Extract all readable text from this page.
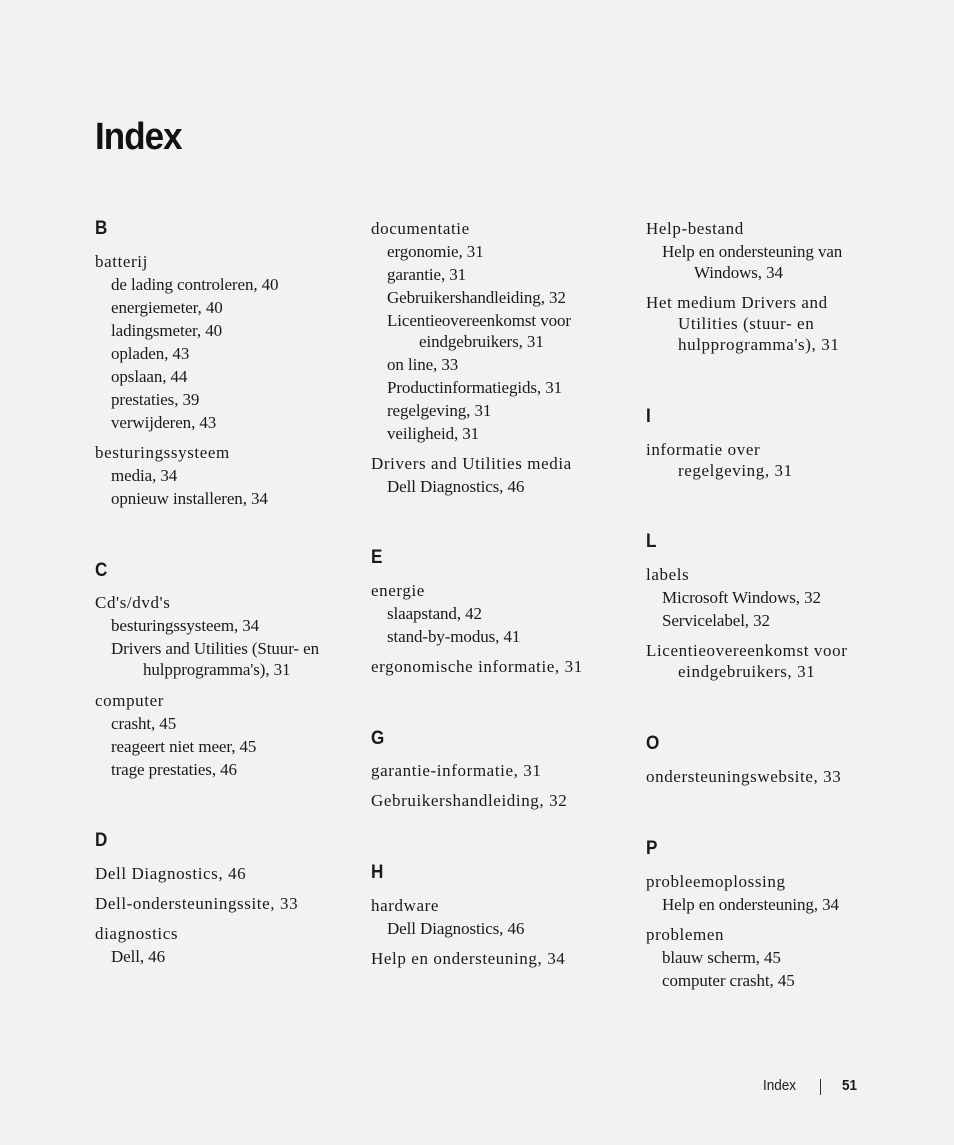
Index
B
batterij
de lading controleren, 40
energiemeter, 40
ladingsmeter, 40
opladen, 43
opslaan, 44
prestaties, 39
verwijderen, 43
besturingssysteem
media, 34
opnieuw installeren, 34
C
Cd's/dvd's
besturingssysteem, 34
Drivers and Utilities (Stuur- en
hulpprogramma's), 31
computer
crasht, 45
reageert niet meer, 45
trage prestaties, 46
D
Dell Diagnostics, 46
Dell-ondersteuningssite, 33
diagnostics
Dell, 46
documentatie
ergonomie, 31
garantie, 31
Gebruikershandleiding, 32
Licentieovereenkomst voor
eindgebruikers, 31
on line, 33
Productinformatiegids, 31
regelgeving, 31
veiligheid, 31
Drivers and Utilities media
Dell Diagnostics, 46
E
energie
slaapstand, 42
stand-by-modus, 41
ergonomische informatie, 31
G
garantie-informatie, 31
Gebruikershandleiding, 32
H
hardware
Dell Diagnostics, 46
Help en ondersteuning, 34
Help-bestand
Help en ondersteuning van
Windows, 34
Het medium Drivers and
Utilities (stuur- en
hulpprogramma's), 31
I
informatie over
regelgeving, 31
L
labels
Microsoft Windows, 32
Servicelabel, 32
Licentieovereenkomst voor
eindgebruikers, 31
O
ondersteuningswebsite, 33
P
probleemoplossing
Help en ondersteuning, 34
problemen
blauw scherm, 45
computer crasht, 45
Index	51
